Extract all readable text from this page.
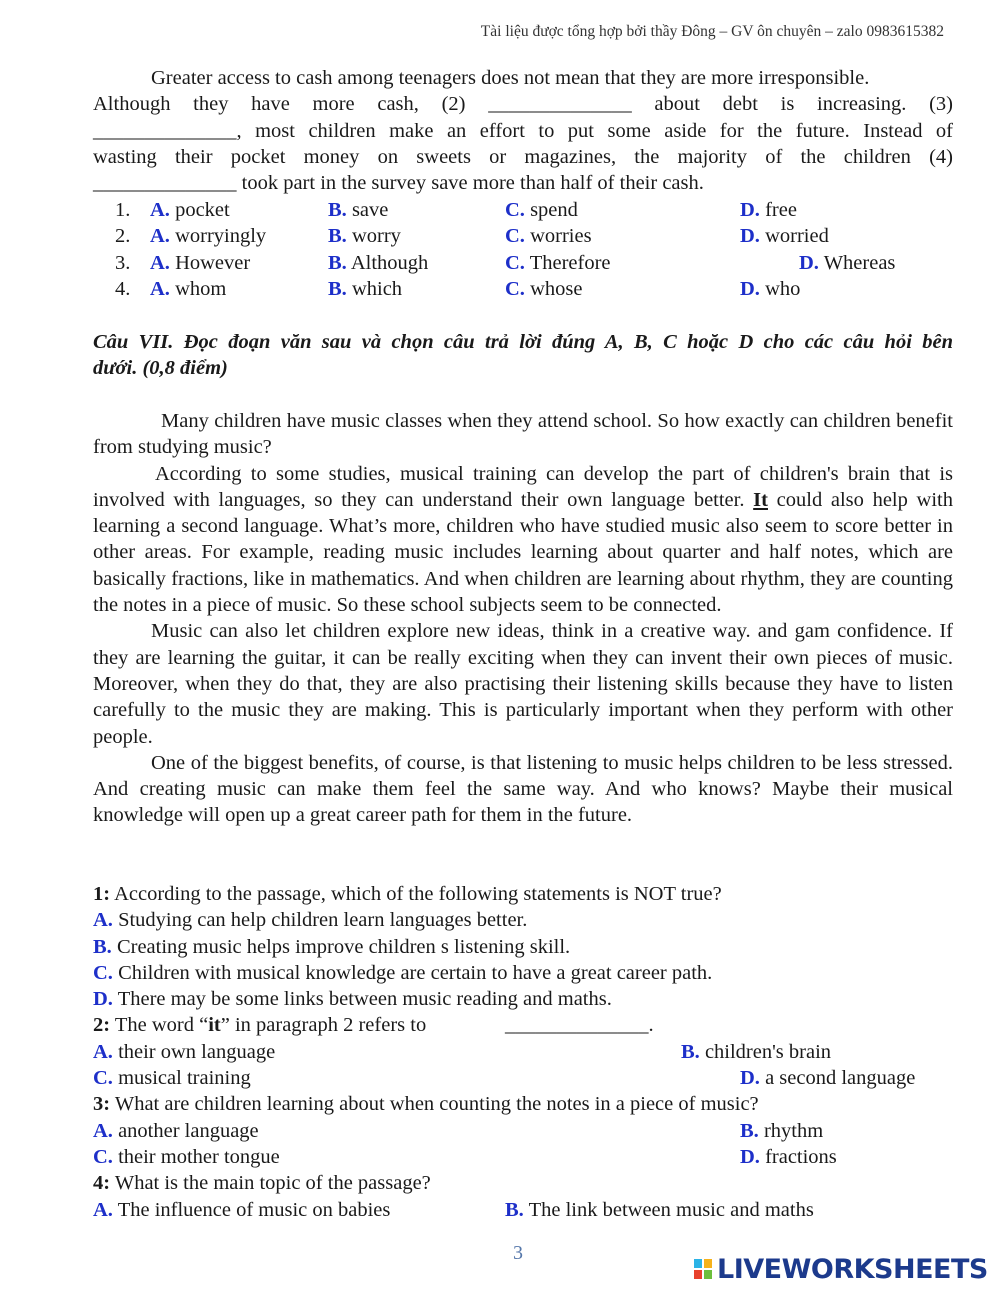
Tài liệu được tổng hợp bởi thầy Đông – GV ôn chuyên – zalo 0983615382
Greater access to cash among teenagers does not mean that they are more irresponsible.
Although they have more cash, (2) ______________ about debt is increasing. (3)
______________, most children make an effort to put some aside for the future. Instead of
wasting their pocket money on sweets or magazines, the majority of the children (4)
______________ took part in the survey save more than half of their cash.
1. A. pocket	B. save	C. spend	D. free
2. A. worryingly	B. worry	C. worries	D. worried
3. A. However	B. Although	C. Therefore	D. Whereas
4. A. whom	B. which	C. whose	D. who
Câu VII. Đọc đoạn văn sau và chọn câu trả lời đúng A, B, C hoặc D cho các câu hỏi bên
dưới. (0,8 điểm)

Many children have music classes when they attend school. So how exactly can children benefit from studying music?

According to some studies, musical training can develop the part of children's brain that is involved with languages, so they can understand their own language better. It could also help with learning a second language. What’s more, children who have studied music also seem to score better in other areas. For example, reading music includes learning about quarter and half notes, which are basically fractions, like in mathematics. And when children are learning about rhythm, they are counting the notes in a piece of music. So these school subjects seem to be connected.

Music can also let children explore new ideas, think in a creative way. and gam confidence. If they are learning the guitar, it can be really exciting when they can invent their own pieces of music. Moreover, when they do that, they are also practising their listening skills because they have to listen carefully to the music they are making. This is particularly important when they perform with other people.

One of the biggest benefits, of course, is that listening to music helps children to be less stressed. And creating music can make them feel the same way. And who knows? Maybe their musical knowledge will open up a great career path for them in the future.

1: According to the passage, which of the following statements is NOT true?
A. Studying can help children learn languages better.
B. Creating music helps improve children s listening skill.
C. Children with musical knowledge are certain to have a great career path.
D. There may be some links between music reading and maths.
2: The word “it” in paragraph 2 refers to	______________.
A. their own language	B. children's brain
C. musical training	D. a second language
3: What are children learning about when counting the notes in a piece of music?
A. another language	B. rhythm
C. their mother tongue	D. fractions
4: What is the main topic of the passage?
A. The influence of music on babies	B. The link between music and maths
3
LIVEWORKSHEETS
